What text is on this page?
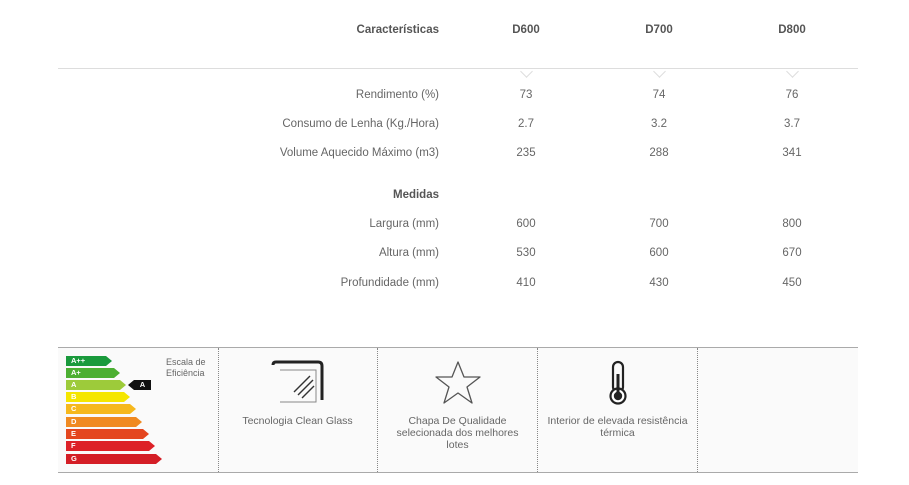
Características	D600	D700	D800
Rendimento (%)	73	74	76
Consumo de Lenha (Kg./Hora)	2.7	3.2	3.7
Volume Aquecido Máximo (m3)	235	288	341
Medidas
Largura (mm)	600	700	800
Altura (mm)	530	600	670
Profundidade (mm)	410	430	450
Escala de
Eficiência
A++
A+
A
B
C
D
E
F
G
A
Tecnologia Clean Glass	Chapa De Qualidade selecionada dos melhores lotes
Interior de elevada resistência térmica
